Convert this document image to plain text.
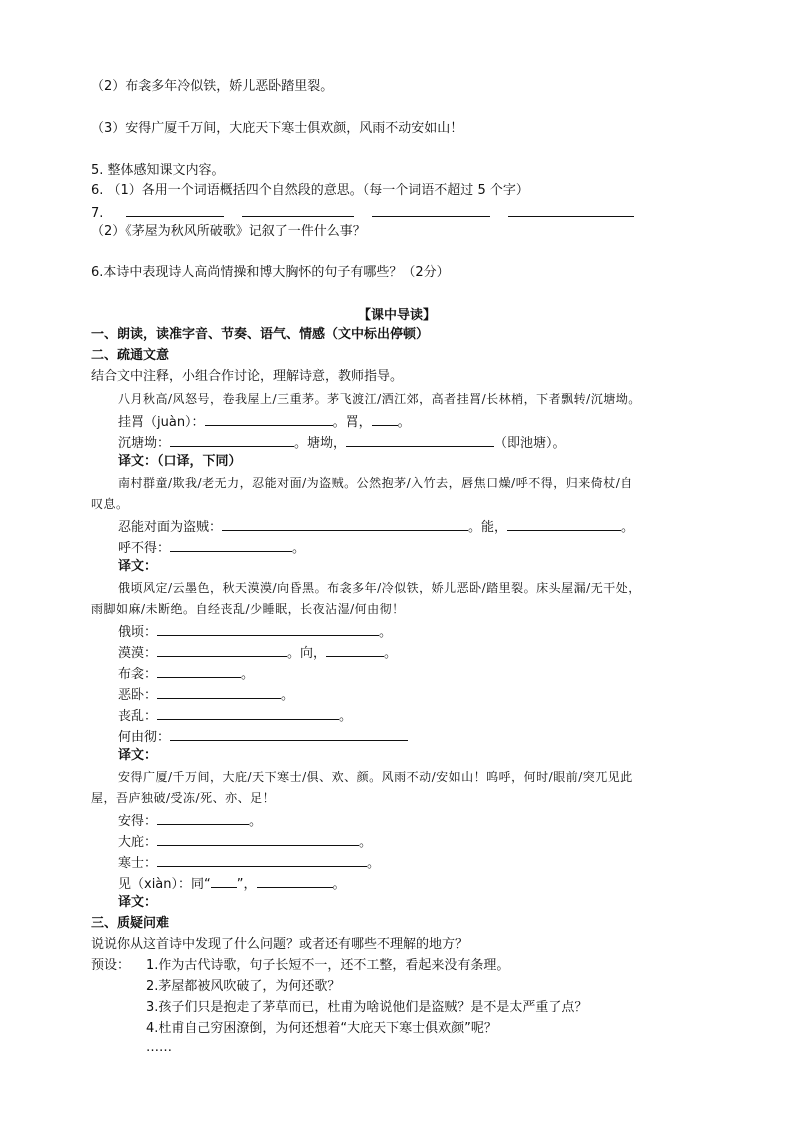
（2）布衾多年冷似铁，娇儿恶卧踏里裂。
（3）安得广厦千万间，大庇天下寒士俱欢颜，风雨不动安如山！
5. 整体感知课文内容。
6. （1）各用一个词语概括四个自然段的意思。（每一个词语不超过 5 个字）
7.
（2）《茅屋为秋风所破歌》记叙了一件什么事？
6.本诗中表现诗人高尚情操和博大胸怀的句子有哪些？（2分）
【课中导读】
一、朗读，读准字音、节奏、语气、情感（文中标出停顿）
二、疏通文意
结合文中注释，小组合作讨论，理解诗意，教师指导。
八月秋高/风怒号，卷我屋上/三重茅。茅飞渡江/洒江郊，高者挂罥/长林梢，下者飘转/沉塘坳。
挂罥（juàn）：	。罥， 。
沉塘坳：	。塘坳，	（即池塘）。
译文：（口译，下同）
南村群童/欺我/老无力，忍能对面/为盗贼。公然抱茅/入竹去，唇焦口燥/呼不得，归来倚杖/自
叹息。
忍能对面为盗贼：	。能，	。
呼不得：	。
译文：
俄顷风定/云墨色，秋天漠漠/向昏黑。布衾多年/冷似铁，娇儿恶卧/踏里裂。床头屋漏/无干处，
雨脚如麻/未断绝。自经丧乱/少睡眠，长夜沾湿/何由彻！
俄顷：	。
漠漠：	。向，	。
布衾：	。
恶卧：	。
丧乱：	。
何由彻：
译文：
安得广厦/千万间，大庇/天下寒士/俱、欢、颜。风雨不动/安如山！呜呼，何时/眼前/突兀见此
屋，吾庐独破/受冻/死、亦、足！
安得：	。
大庇：	。
寒士：	。
见（xiàn）：同“ ”，	。
译文：
三、质疑问难
说说你从这首诗中发现了什么问题？或者还有哪些不理解的地方？
预设： 1.作为古代诗歌，句子长短不一，还不工整，看起来没有条理。
2.茅屋都被风吹破了，为何还歌？
3.孩子们只是抱走了茅草而已，杜甫为啥说他们是盗贼？是不是太严重了点？
4.杜甫自己穷困潦倒，为何还想着“大庇天下寒士俱欢颜”呢？
……
